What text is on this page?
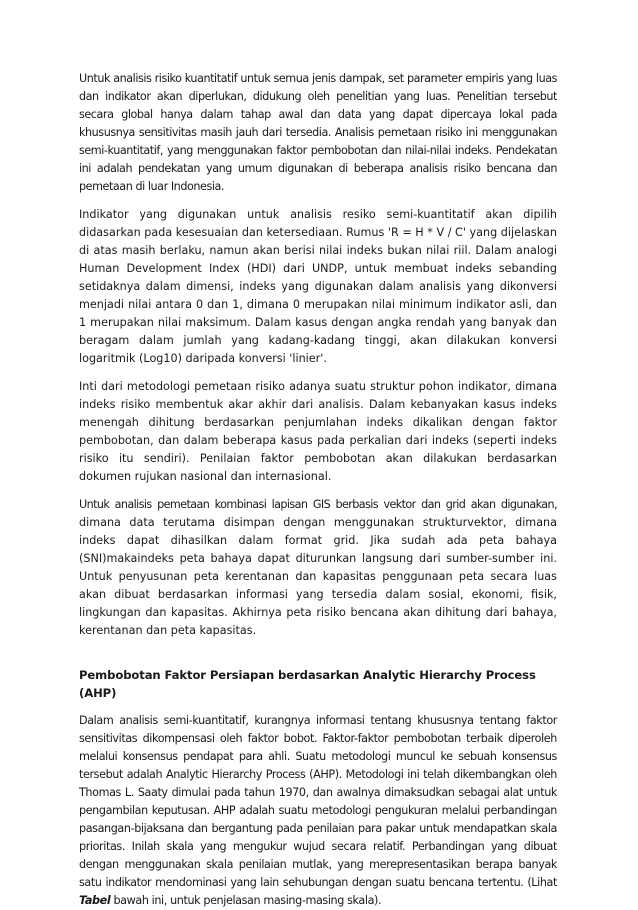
Untuk analisis risiko kuantitatif untuk semua jenis dampak, set parameter empiris yang luas dan indikator akan diperlukan, didukung oleh penelitian yang luas. Penelitian tersebut secara global hanya dalam tahap awal dan data yang dapat dipercaya lokal pada khususnya sensitivitas masih jauh dari tersedia. Analisis pemetaan risiko ini menggunakan semi-kuantitatif, yang menggunakan faktor pembobotan dan nilai-nilai indeks. Pendekatan ini adalah pendekatan yang umum digunakan di beberapa analisis risiko bencana dan pemetaan di luar Indonesia.

Indikator yang digunakan untuk analisis resiko semi-kuantitatif akan dipilih didasarkan pada kesesuaian dan ketersediaan. Rumus 'R = H * V / C' yang dijelaskan di atas masih berlaku, namun akan berisi nilai indeks bukan nilai riil. Dalam analogi Human Development Index (HDI) dari UNDP, untuk membuat indeks sebanding setidaknya dalam dimensi, indeks yang digunakan dalam analisis yang dikonversi menjadi nilai antara 0 dan 1, dimana 0 merupakan nilai minimum indikator asli, dan 1 merupakan nilai maksimum. Dalam kasus dengan angka rendah yang banyak dan beragam dalam jumlah yang kadang-kadang tinggi, akan dilakukan konversi logaritmik (Log10) daripada konversi 'linier'.

Inti dari metodologi pemetaan risiko adanya suatu struktur pohon indikator, dimana indeks risiko membentuk akar akhir dari analisis. Dalam kebanyakan kasus indeks menengah dihitung berdasarkan penjumlahan indeks dikalikan dengan faktor pembobotan, dan dalam beberapa kasus pada perkalian dari indeks (seperti indeks risiko itu sendiri). Penilaian faktor pembobotan akan dilakukan berdasarkan dokumen rujukan nasional dan internasional.

Untuk analisis pemetaan kombinasi lapisan GIS berbasis vektor dan grid akan digunakan, dimana data terutama disimpan dengan menggunakan strukturvektor, dimana indeks dapat dihasilkan dalam format grid. Jika sudah ada peta bahaya (SNI)makaindeks peta bahaya dapat diturunkan langsung dari sumber-sumber ini. Untuk penyusunan peta kerentanan dan kapasitas penggunaan peta secara luas akan dibuat berdasarkan informasi yang tersedia dalam sosial, ekonomi, fisik, lingkungan dan kapasitas. Akhirnya peta risiko bencana akan dihitung dari bahaya, kerentanan dan peta kapasitas.

Pembobotan Faktor Persiapan berdasarkan Analytic Hierarchy Process (AHP)

Dalam analisis semi-kuantitatif, kurangnya informasi tentang khususnya tentang faktor sensitivitas dikompensasi oleh faktor bobot. Faktor-faktor pembobotan terbaik diperoleh melalui konsensus pendapat para ahli. Suatu metodologi muncul ke sebuah konsensus tersebut adalah Analytic Hierarchy Process (AHP). Metodologi ini telah dikembangkan oleh Thomas L. Saaty dimulai pada tahun 1970, dan awalnya dimaksudkan sebagai alat untuk pengambilan keputusan. AHP adalah suatu metodologi pengukuran melalui perbandingan pasangan-bijaksana dan bergantung pada penilaian para pakar untuk mendapatkan skala prioritas. Inilah skala yang mengukur wujud secara relatif. Perbandingan yang dibuat dengan menggunakan skala penilaian mutlak, yang merepresentasikan berapa banyak satu indikator mendominasi yang lain sehubungan dengan suatu bencana tertentu. (Lihat Tabel bawah ini, untuk penjelasan masing-masing skala).
